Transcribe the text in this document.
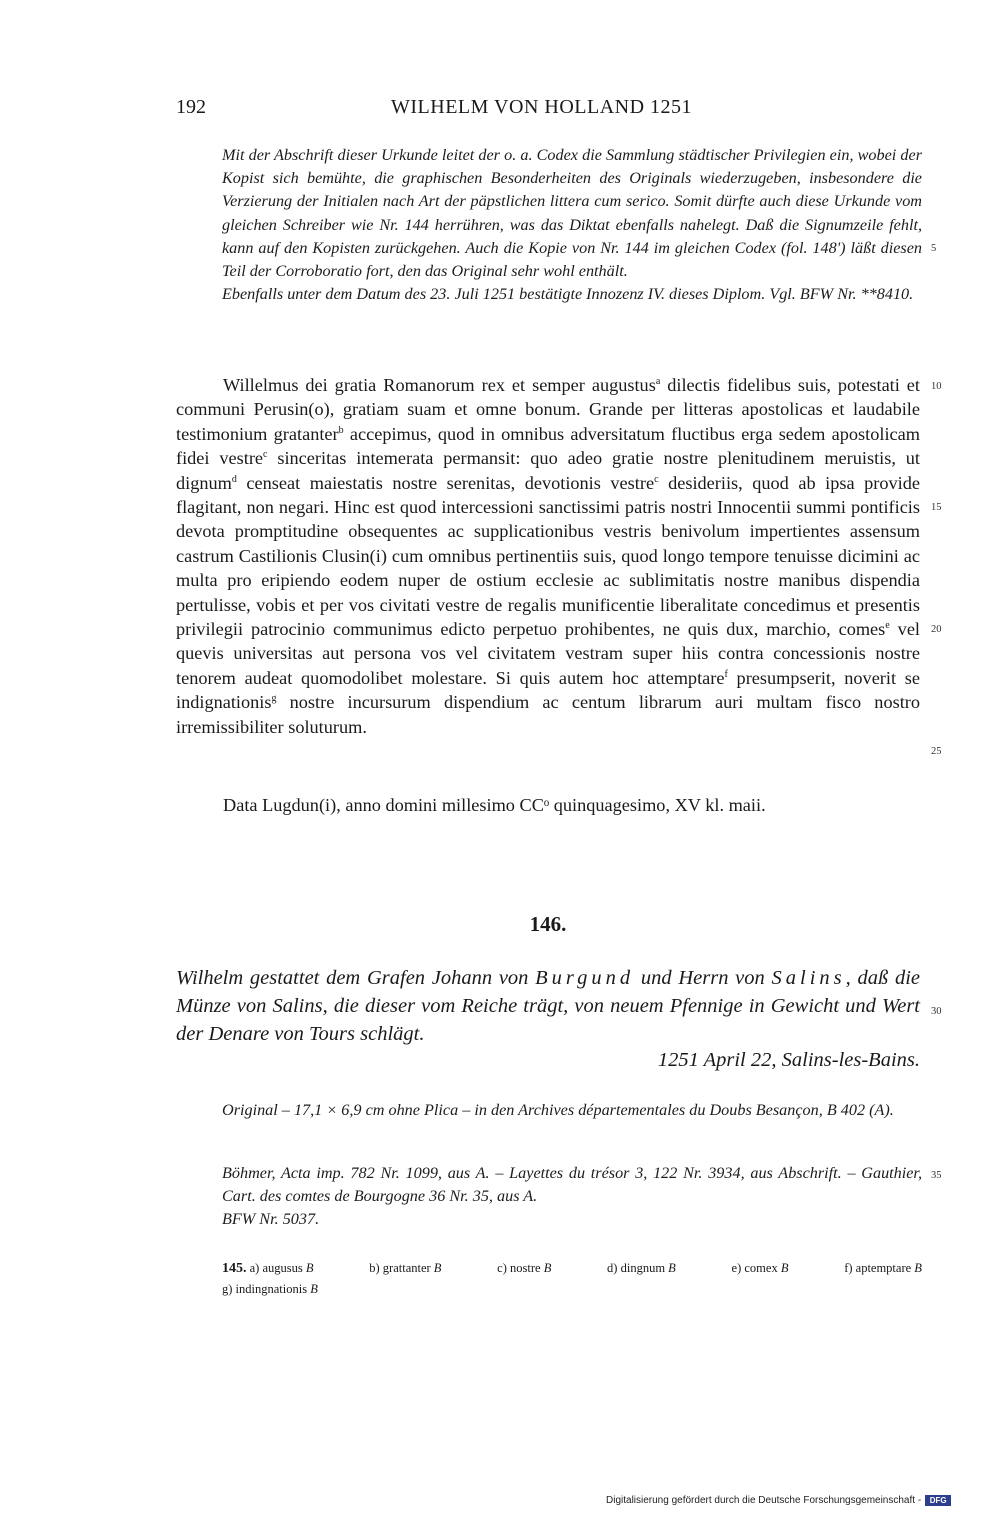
192	WILHELM VON HOLLAND 1251

Mit der Abschrift dieser Urkunde leitet der o. a. Codex die Sammlung städtischer Privilegien ein, wobei der Kopist sich bemühte, die graphischen Besonderheiten des Originals wiederzugeben, insbesondere die Verzierung der Initialen nach Art der päpstlichen littera cum serico. Somit dürfte auch diese Urkunde vom gleichen Schreiber wie Nr. 144 herrühren, was das Diktat ebenfalls nahelegt. Daß die Signumzeile fehlt, kann auf den Kopisten zurückgehen. Auch die Kopie von Nr. 144 im gleichen Codex (fol. 148') läßt diesen Teil der Corroboratio fort, den das Original sehr wohl enthält.

Ebenfalls unter dem Datum des 23. Juli 1251 bestätigte Innozenz IV. dieses Diplom. Vgl. BFW Nr. **8410.

Willelmus dei gratia Romanorum rex et semper augustus$^a$ dilectis fidelibus suis, potestati et communi Perusin(o), gratiam suam et omne bonum. Grande per litteras apostolicas et laudabile testimonium gratanter$^b$ accepimus, quod in omnibus adversitatum fluctibus erga sedem apostolicam fidei vestre$^c$ sinceritas intemerata permansit: quo adeo gratie nostre plenitudinem meruistis, ut dignum$^d$ censeat maiestatis nostre serenitas, devotionis vestre$^c$ desideriis, quod ab ipsa provide flagitant, non negari. Hinc est quod intercessioni sanctissimi patris nostri Innocentii summi pontificis devota promptitudine obsequentes ac supplicationibus vestris benivolum impertientes assensum castrum Castilionis Clusin(i) cum omnibus pertinentiis suis, quod longo tempore tenuisse dicimini ac multa pro eripiendo eodem nuper de ostium ecclesie ac sublimitatis nostre manibus dispendia pertulisse, vobis et per vos civitati vestre de regalis munificentie liberalitate concedimus et presentis privilegii patrocinio communimus edicto perpetuo prohibentes, ne quis dux, marchio, comes$^e$ vel quevis universitas aut persona vos vel civitatem vestram super hiis contra concessionis nostre tenorem audeat quomodolibet molestare. Si quis autem hoc attemptare$^f$ presumpserit, noverit se indignationis$^g$ nostre incursurum dispendium ac centum librarum auri multam fisco nostro irremissibiliter soluturum.

Data Lugdun(i), anno domini millesimo CCᵒ quinquagesimo, XV kl. maii.
146.

Wilhelm gestattet dem Grafen Johann von Burgund und Herrn von Salins, daß die Münze von Salins, die dieser vom Reiche trägt, von neuem Pfennige in Gewicht und Wert der Denare von Tours schlägt.

1251 April 22, Salins-les-Bains.

Original – 17,1 × 6,9 cm ohne Plica – in den Archives départementales du Doubs Besançon, B 402 (A).

Böhmer, Acta imp. 782 Nr. 1099, aus A. – Layettes du trésor 3, 122 Nr. 3934, aus Abschrift. – Gauthier, Cart. des comtes de Bourgogne 36 Nr. 35, aus A.

BFW Nr. 5037.

145. a) augusus B	b) grattanter B	c) nostre B	d) dingnum B	e) comex B	f) aptemptare B
g) indingnationis B
5
10
15
20
25
30
35
Digitalisierung gefördert durch die Deutsche Forschungsgemeinschaft -	DFG
